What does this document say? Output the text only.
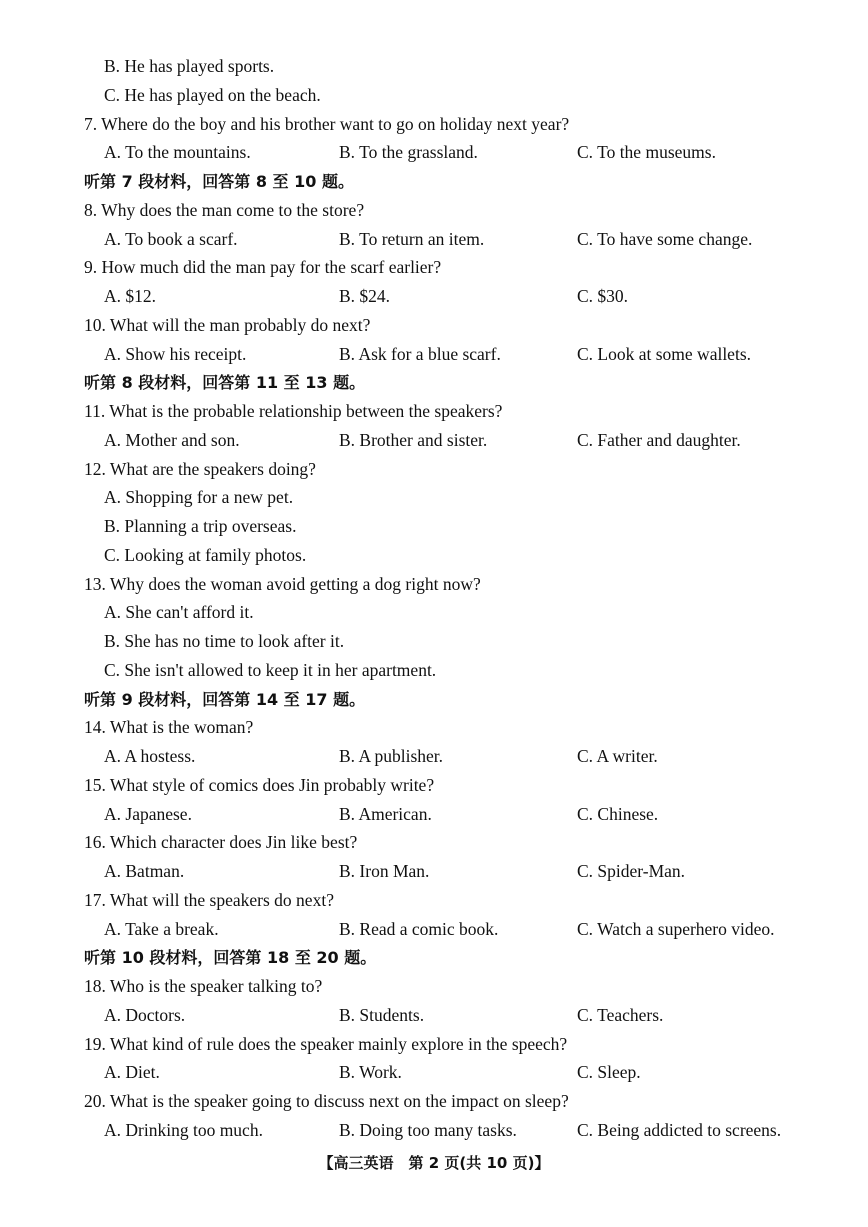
B. He has played sports.
C. He has played on the beach.
7. Where do the boy and his brother want to go on holiday next year?
A. To the mountains.	B. To the grassland.	C. To the museums.
听第 7 段材料，回答第 8 至 10 题。
8. Why does the man come to the store?
A. To book a scarf.	B. To return an item.	C. To have some change.
9. How much did the man pay for the scarf earlier?
A. $12.	B. $24.	C. $30.
10. What will the man probably do next?
A. Show his receipt.	B. Ask for a blue scarf.	C. Look at some wallets.
听第 8 段材料，回答第 11 至 13 题。
11. What is the probable relationship between the speakers?
A. Mother and son.	B. Brother and sister.	C. Father and daughter.
12. What are the speakers doing?
A. Shopping for a new pet.
B. Planning a trip overseas.
C. Looking at family photos.
13. Why does the woman avoid getting a dog right now?
A. She can't afford it.
B. She has no time to look after it.
C. She isn't allowed to keep it in her apartment.
听第 9 段材料，回答第 14 至 17 题。
14. What is the woman?
A. A hostess.	B. A publisher.	C. A writer.
15. What style of comics does Jin probably write?
A. Japanese.	B. American.	C. Chinese.
16. Which character does Jin like best?
A. Batman.	B. Iron Man.	C. Spider-Man.
17. What will the speakers do next?
A. Take a break.	B. Read a comic book.	C. Watch a superhero video.
听第 10 段材料，回答第 18 至 20 题。
18. Who is the speaker talking to?
A. Doctors.	B. Students.	C. Teachers.
19. What kind of rule does the speaker mainly explore in the speech?
A. Diet.	B. Work.	C. Sleep.
20. What is the speaker going to discuss next on the impact on sleep?
A. Drinking too much.	B. Doing too many tasks.	C. Being addicted to screens.
【高三英语　第 2 页(共 10 页)】
